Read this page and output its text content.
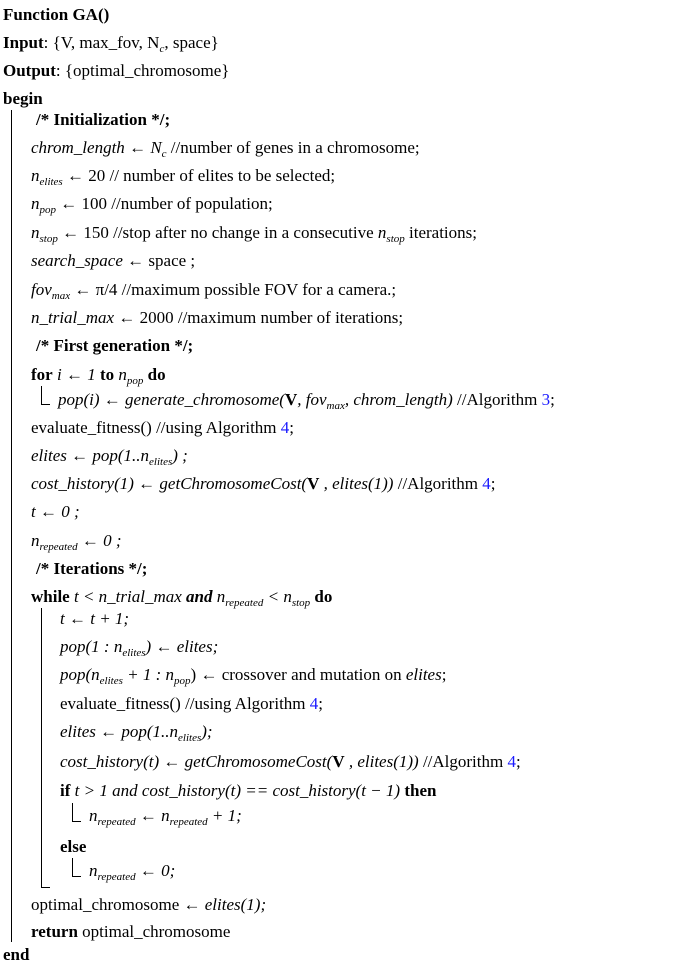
Function GA()
Input: {V, max_fov, $N_c$, space}
Output: {optimal_chromosome}
begin
/* Initialization */;
chrom_length ← $N_c$ //number of genes in a chromosome;
$n_{elites}$ ← 20 // number of elites to be selected;
$n_{pop}$ ← 100 //number of population;
$n_{stop}$ ← 150 //stop after no change in a consecutive $n_{stop}$ iterations;
search_space ← space ;
fov$_{max}$ ← π/4 //maximum possible FOV for a camera.;
n_trial_max ← 2000 //maximum number of iterations;
/* First generation */;
for i ← 1 to $n_{pop}$ do
pop(i) ← generate_chromosome(V, fov$_{max}$, chrom_length) //Algorithm 3;
evaluate_fitness() //using Algorithm 4;
elites ← $pop(1..n_{elites})$ ;
cost_history(1) ← getChromosomeCost(V , elites(1)) //Algorithm 4;
t ← 0 ;
$n_{repeated}$ ← 0 ;
/* Iterations */;
while t < n_trial_max and $n_{repeated} < n_{stop}$ do
t ← t + 1;
pop(1 : $n_{elites}$) ← elites;
$pop(n_{elites} + 1$ : $n_{pop}$) ← crossover and mutation on elites;
evaluate_fitness() //using Algorithm 4;
elites ← $pop(1..n_{elites})$;
cost_history(t) ← getChromosomeCost(V , elites(1)) //Algorithm 4;
if t > 1 and cost_history(t) == cost_history(t − 1) then
$n_{repeated}$ ← $n_{repeated} + 1$;
else
$n_{repeated}$ ← 0;
optimal_chromosome ← elites(1);
return optimal_chromosome
end
